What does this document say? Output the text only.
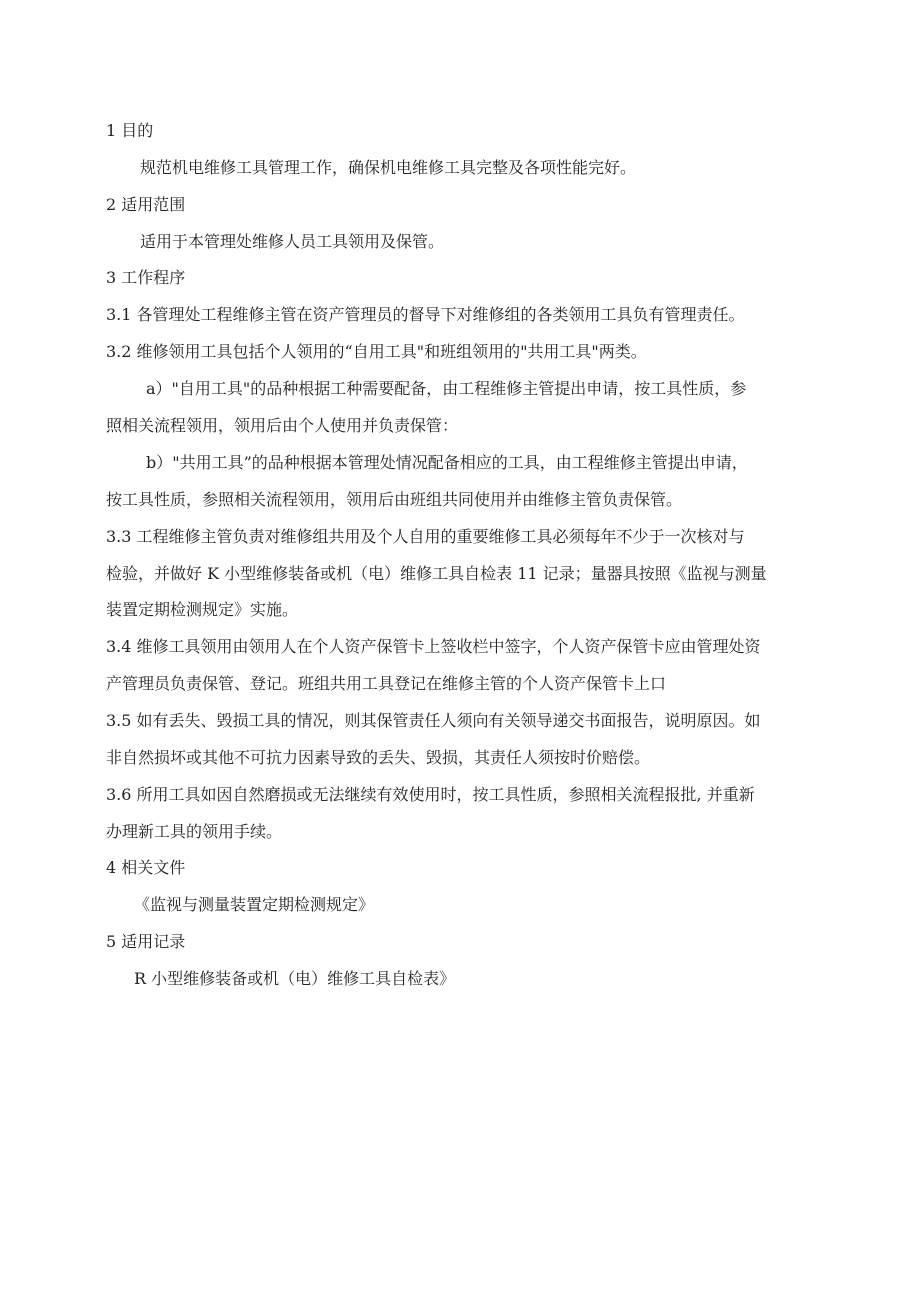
1 目的
规范机电维修工具管理工作，确保机电维修工具完整及各项性能完好。
2 适用范围
适用于本管理处维修人员工具领用及保管。
3 工作程序
3.1 各管理处工程维修主管在资产管理员的督导下对维修组的各类领用工具负有管理责任。
3.2 维修领用工具包括个人领用的“自用工具"和班组领用的"共用工具"两类。
a）"自用工具"的品种根据工种需要配备，由工程维修主管提出申请，按工具性质，参
照相关流程领用，领用后由个人使用并负责保管：
b）"共用工具”的品种根据本管理处情况配备相应的工具，由工程维修主管提出申请，
按工具性质，参照相关流程领用，领用后由班组共同使用并由维修主管负责保管。
3.3 工程维修主管负责对维修组共用及个人自用的重要维修工具必须每年不少于一次核对与
检验，并做好 K 小型维修装备或机（电）维修工具自检表 11 记录；量器具按照《监视与测量
装置定期检测规定》实施。
3.4 维修工具领用由领用人在个人资产保管卡上签收栏中签字，个人资产保管卡应由管理处资
产管理员负责保管、登记。班组共用工具登记在维修主管的个人资产保管卡上口
3.5 如有丢失、毁损工具的情况，则其保管责任人须向有关领导递交书面报告，说明原因。如
非自然损坏或其他不可抗力因素导致的丢失、毁损，其责任人须按时价赔偿。
3.6 所用工具如因自然磨损或无法继续有效使用时，按工具性质，参照相关流程报批, 并重新
办理新工具的领用手续。
4 相关文件
《监视与测量装置定期检测规定》
5 适用记录
R 小型维修装备或机（电）维修工具自检表》
